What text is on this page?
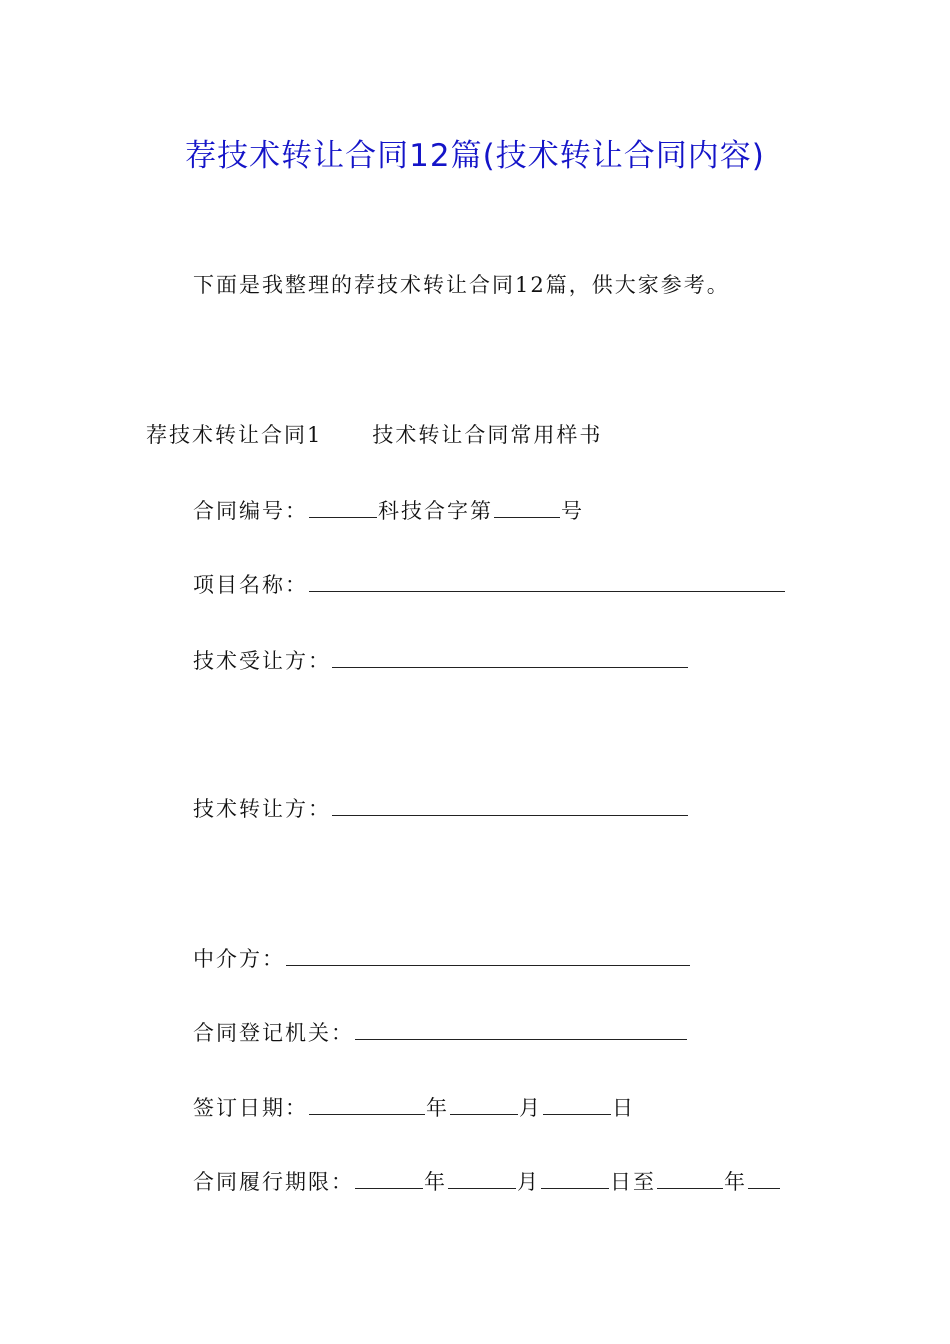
荐技术转让合同12篇(技术转让合同内容)
下面是我整理的荐技术转让合同12篇，供大家参考。
荐技术转让合同1 技术转让合同常用样书
合同编号：	科技合字第	号
项目名称：
技术受让方：
技术转让方：
中介方：
合同登记机关：
签订日期：	年	月	日
合同履行期限：	年	月	日至	年
